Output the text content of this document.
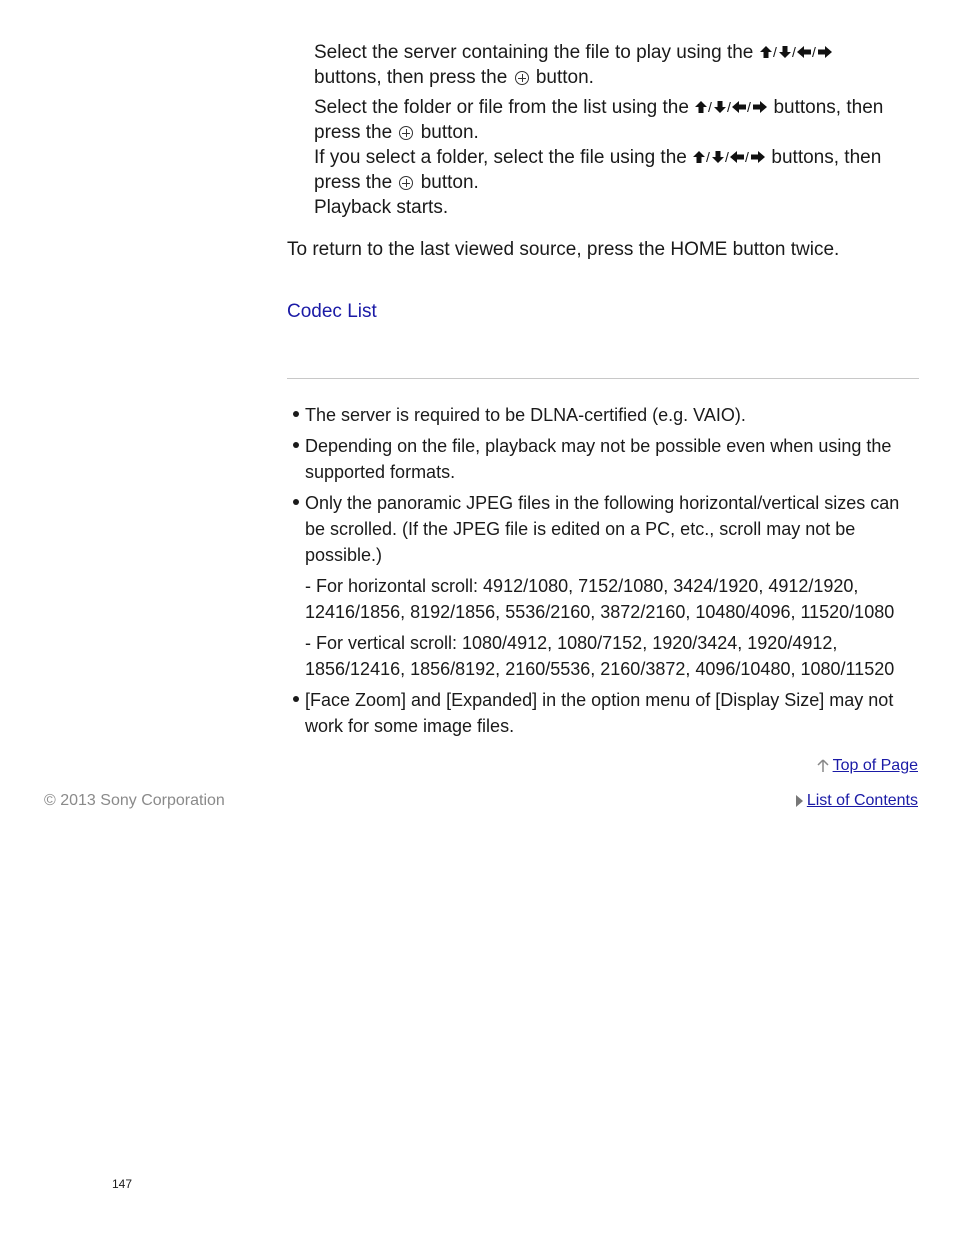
Select the server containing the file to play using the / / /

buttons, then press the button.

Select the folder or file from the list using the / / / buttons, then press the button.

If you select a folder, select the file using the / / / buttons, then press the button.

Playback starts.

To return to the last viewed source, press the HOME button twice.

Codec List
The server is required to be DLNA-certified (e.g. VAIO).
Depending on the file, playback may not be possible even when using the supported formats.
Only the panoramic JPEG files in the following horizontal/vertical sizes can be scrolled. (If the JPEG file is edited on a PC, etc., scroll may not be possible.)
- For horizontal scroll: 4912/1080, 7152/1080, 3424/1920, 4912/1920, 12416/1856, 8192/1856, 5536/2160, 3872/2160, 10480/4096, 11520/1080
- For vertical scroll: 1080/4912, 1080/7152, 1920/3424, 1920/4912, 1856/12416, 1856/8192, 2160/5536, 2160/3872, 4096/10480, 1080/11520
[Face Zoom] and [Expanded] in the option menu of [Display Size] may not work for some image files.
Top of Page
© 2013 Sony Corporation	List of Contents
147
